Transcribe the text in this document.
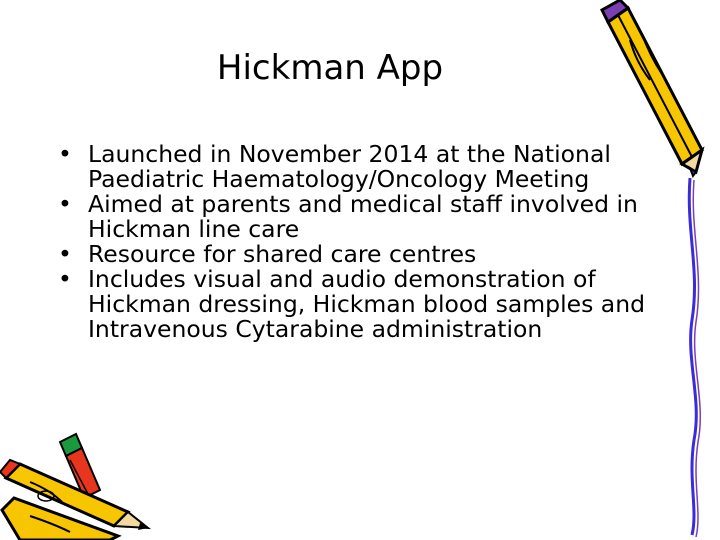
Hickman App
• Launched in November 2014 at the National Paediatric Haematology/Oncology Meeting
• Aimed at parents and medical staff involved in Hickman line care
• Resource for shared care centres
• Includes visual and audio demonstration of Hickman dressing, Hickman blood samples and Intravenous Cytarabine administration
